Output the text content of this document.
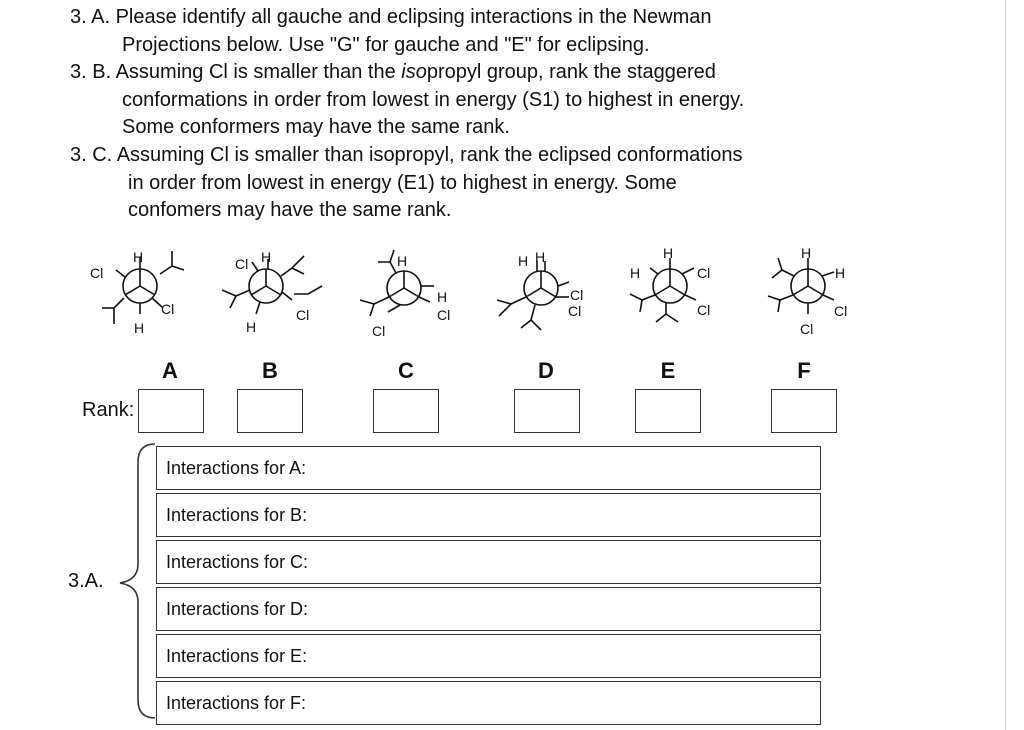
3. A. Please identify all gauche and eclipsing interactions in the Newman
Projections below. Use "G" for gauche and "E" for eclipsing.
3. B. Assuming Cl is smaller than the isopropyl group, rank the staggered
conformations in order from lowest in energy (S1) to highest in energy.
Some conformers may have the same rank.
3. C. Assuming Cl is smaller than isopropyl, rank the eclipsed conformations
in order from lowest in energy (E1) to highest in energy. Some
confomers may have the same rank.
H
Cl
Cl
H
Cl H
Cl
H
H
H
Cl
Cl
H H
Cl
Cl
H
H	Cl
Cl
H
H
Cl
Cl
A	B	C	D	E	F
Rank:
3.A.
Interactions for A:
Interactions for B:
Interactions for C:
Interactions for D:
Interactions for E:
Interactions for F:
